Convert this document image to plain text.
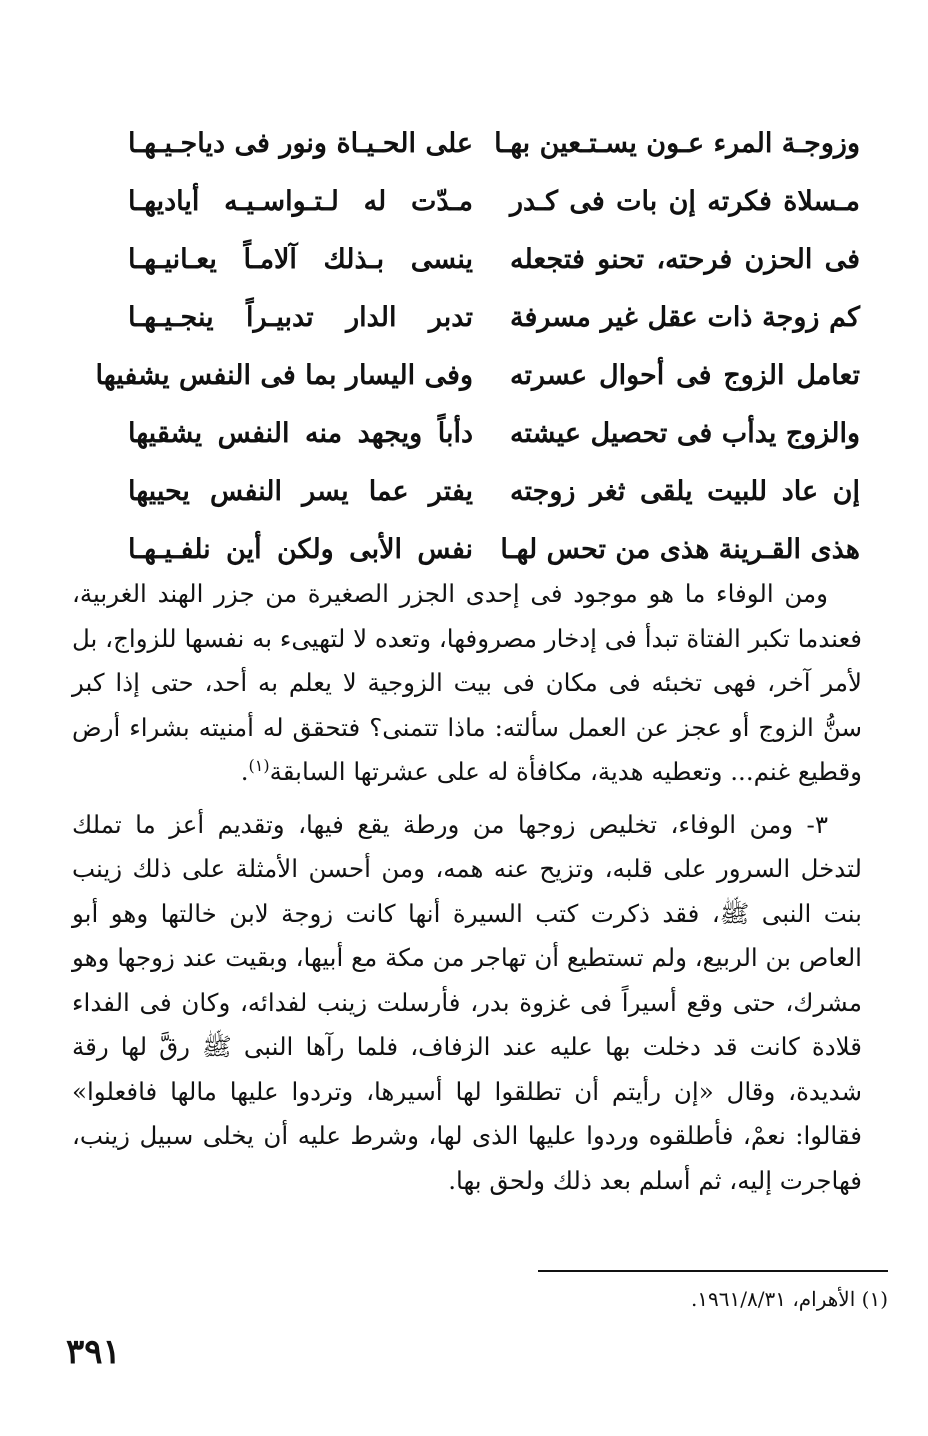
وزوجـة المرء عـون يسـتـعين بهـا
على الحـيـاة ونور فى دياجـيـهـا
مـسلاة فكرته إن بات فى كـدر
مـدّت له لـتـواسـيـه أياديهـا
فى الحزن فرحته، تحنو فتجعله
ينسى بـذلك آلامـاً يعـانيـهـا
كم زوجة ذات عقل غير مسرفة
تدبر الدار تدبيـراً ينجـيـهـا
تعامل الزوج فى أحوال عسرته
وفى اليسار بما فى النفس يشفيها
والزوج يدأب فى تحصيل عيشته
دأباً ويجهد منه النفس يشقيها
إن عاد للبيت يلقى ثغر زوجته
يفتر عما يسر النفس يحييها
هذى القـرينة هذى من تحس لهـا
نفس الأبى ولكن أين نلفـيـهـا

ومن الوفاء ما هو موجود فى إحدى الجزر الصغيرة من جزر الهند الغربية، فعندما تكبر الفتاة تبدأ فى إدخار مصروفها، وتعده لا لتهيىء به نفسها للزواج، بل لأمر آخر، فهى تخبئه فى مكان فى بيت الزوجية لا يعلم به أحد، حتى إذا كبر سنُّ الزوج أو عجز عن العمل سألته: ماذا تتمنى؟ فتحقق له أمنيته بشراء أرض وقطيع غنم... وتعطيه هدية، مكافأة له على عشرتها السابقة$^{(١)}$.

٣- ومن الوفاء، تخليص زوجها من ورطة يقع فيها، وتقديم أعز ما تملك لتدخل السرور على قلبه، وتزيح عنه همه، ومن أحسن الأمثلة على ذلك زينب بنت النبى ﷺ، فقد ذكرت كتب السيرة أنها كانت زوجة لابن خالتها وهو أبو العاص بن الربيع، ولم تستطيع أن تهاجر من مكة مع أبيها، وبقيت عند زوجها وهو مشرك، حتى وقع أسيراً فى غزوة بدر، فأرسلت زينب لفدائه، وكان فى الفداء قلادة كانت قد دخلت بها عليه عند الزفاف، فلما رآها النبى ﷺ رقَّ لها رقة شديدة، وقال «إن رأيتم أن تطلقوا لها أسيرها، وتردوا عليها مالها فافعلوا» فقالوا: نعمْ، فأطلقوه وردوا عليها الذى لها، وشرط عليه أن يخلى سبيل زينب، فهاجرت إليه، ثم أسلم بعد ذلك ولحق بها.

(١) الأهرام، ١٩٦١/٨/٣١.
٣٩١
